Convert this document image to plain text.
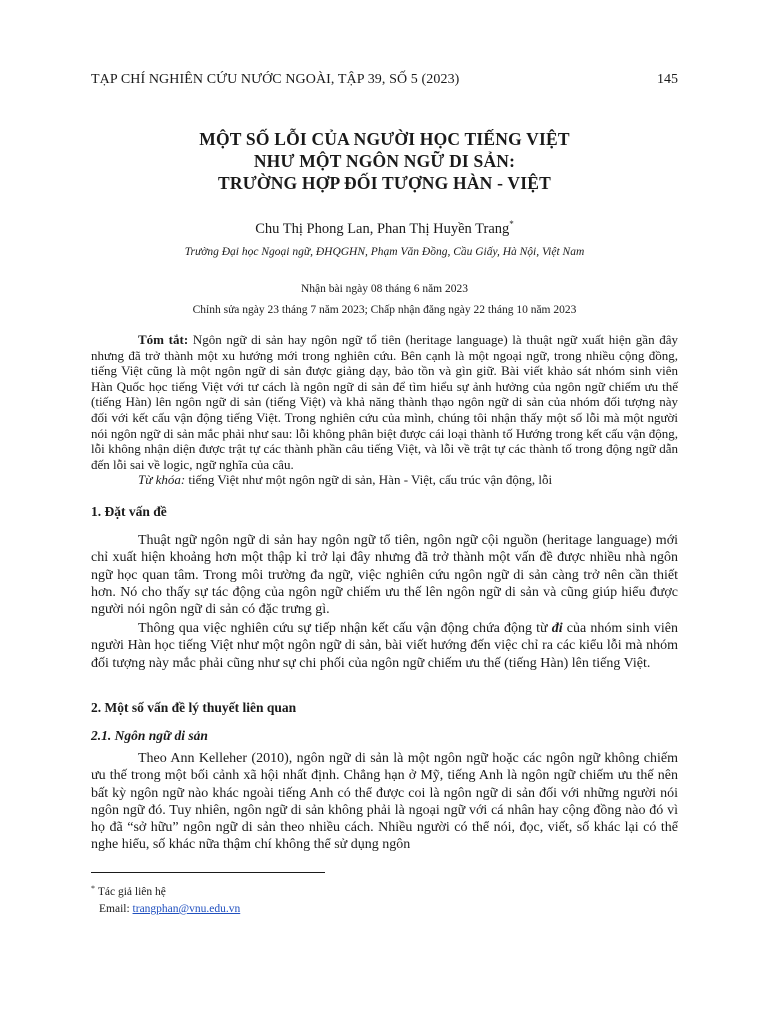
TẠP CHÍ NGHIÊN CỨU NƯỚC NGOÀI, TẬP 39, SỐ 5 (2023)	145
MỘT SỐ LỖI CỦA NGƯỜI HỌC TIẾNG VIỆT
NHƯ MỘT NGÔN NGỮ DI SẢN:
TRƯỜNG HỢP ĐỐI TƯỢNG HÀN - VIỆT
Chu Thị Phong Lan, Phan Thị Huyền Trang*
Trường Đại học Ngoại ngữ, ĐHQGHN, Phạm Văn Đồng, Cầu Giấy, Hà Nội, Việt Nam
Nhận bài ngày 08 tháng 6 năm 2023
Chỉnh sửa ngày 23 tháng 7 năm 2023; Chấp nhận đăng ngày 22 tháng 10 năm 2023

Tóm tắt: Ngôn ngữ di sản hay ngôn ngữ tổ tiên (heritage language) là thuật ngữ xuất hiện gần đây nhưng đã trở thành một xu hướng mới trong nghiên cứu. Bên cạnh là một ngoại ngữ, trong nhiều cộng đồng, tiếng Việt cũng là một ngôn ngữ di sản được giảng dạy, bảo tồn và gìn giữ. Bài viết khảo sát nhóm sinh viên Hàn Quốc học tiếng Việt với tư cách là ngôn ngữ di sản để tìm hiểu sự ảnh hưởng của ngôn ngữ chiếm ưu thế (tiếng Hàn) lên ngôn ngữ di sản (tiếng Việt) và khả năng thành thạo ngôn ngữ di sản của nhóm đối tượng này đối với kết cấu vận động tiếng Việt. Trong nghiên cứu của mình, chúng tôi nhận thấy một số lỗi mà một người nói ngôn ngữ di sản mắc phải như sau: lỗi không phân biệt được cái loại thành tố Hướng trong kết cấu vận động, lỗi không nhận diện được trật tự các thành phần câu tiếng Việt, và lỗi về trật tự các thành tố trong động ngữ dẫn đến lỗi sai về logic, ngữ nghĩa của câu.

Từ khóa: tiếng Việt như một ngôn ngữ di sản, Hàn - Việt, cấu trúc vận động, lỗi

1. Đặt vấn đề

Thuật ngữ ngôn ngữ di sản hay ngôn ngữ tổ tiên, ngôn ngữ cội nguồn (heritage language) mới chỉ xuất hiện khoảng hơn một thập kỉ trở lại đây nhưng đã trở thành một vấn đề được nhiều nhà ngôn ngữ học quan tâm. Trong môi trường đa ngữ, việc nghiên cứu ngôn ngữ di sản càng trở nên cần thiết hơn. Nó cho thấy sự tác động của ngôn ngữ chiếm ưu thế lên ngôn ngữ di sản và cũng giúp hiểu được người nói ngôn ngữ di sản có đặc trưng gì.

Thông qua việc nghiên cứu sự tiếp nhận kết cấu vận động chứa động từ đi của nhóm sinh viên người Hàn học tiếng Việt như một ngôn ngữ di sản, bài viết hướng đến việc chỉ ra các kiểu lỗi mà nhóm đối tượng này mắc phải cũng như sự chi phối của ngôn ngữ chiếm ưu thế (tiếng Hàn) lên tiếng Việt.

2. Một số vấn đề lý thuyết liên quan
2.1. Ngôn ngữ di sản

Theo Ann Kelleher (2010), ngôn ngữ di sản là một ngôn ngữ hoặc các ngôn ngữ không chiếm ưu thế trong một bối cảnh xã hội nhất định. Chẳng hạn ở Mỹ, tiếng Anh là ngôn ngữ chiếm ưu thế nên bất kỳ ngôn ngữ nào khác ngoài tiếng Anh có thể được coi là ngôn ngữ di sản đối với những người nói ngôn ngữ đó. Tuy nhiên, ngôn ngữ di sản không phải là ngoại ngữ với cá nhân hay cộng đồng nào đó vì họ đã “sở hữu” ngôn ngữ di sản theo nhiều cách. Nhiều người có thể nói, đọc, viết, số khác lại có thể nghe hiểu, số khác nữa thậm chí không thể sử dụng ngôn

* Tác giả liên hệ
Email: trangphan@vnu.edu.vn
